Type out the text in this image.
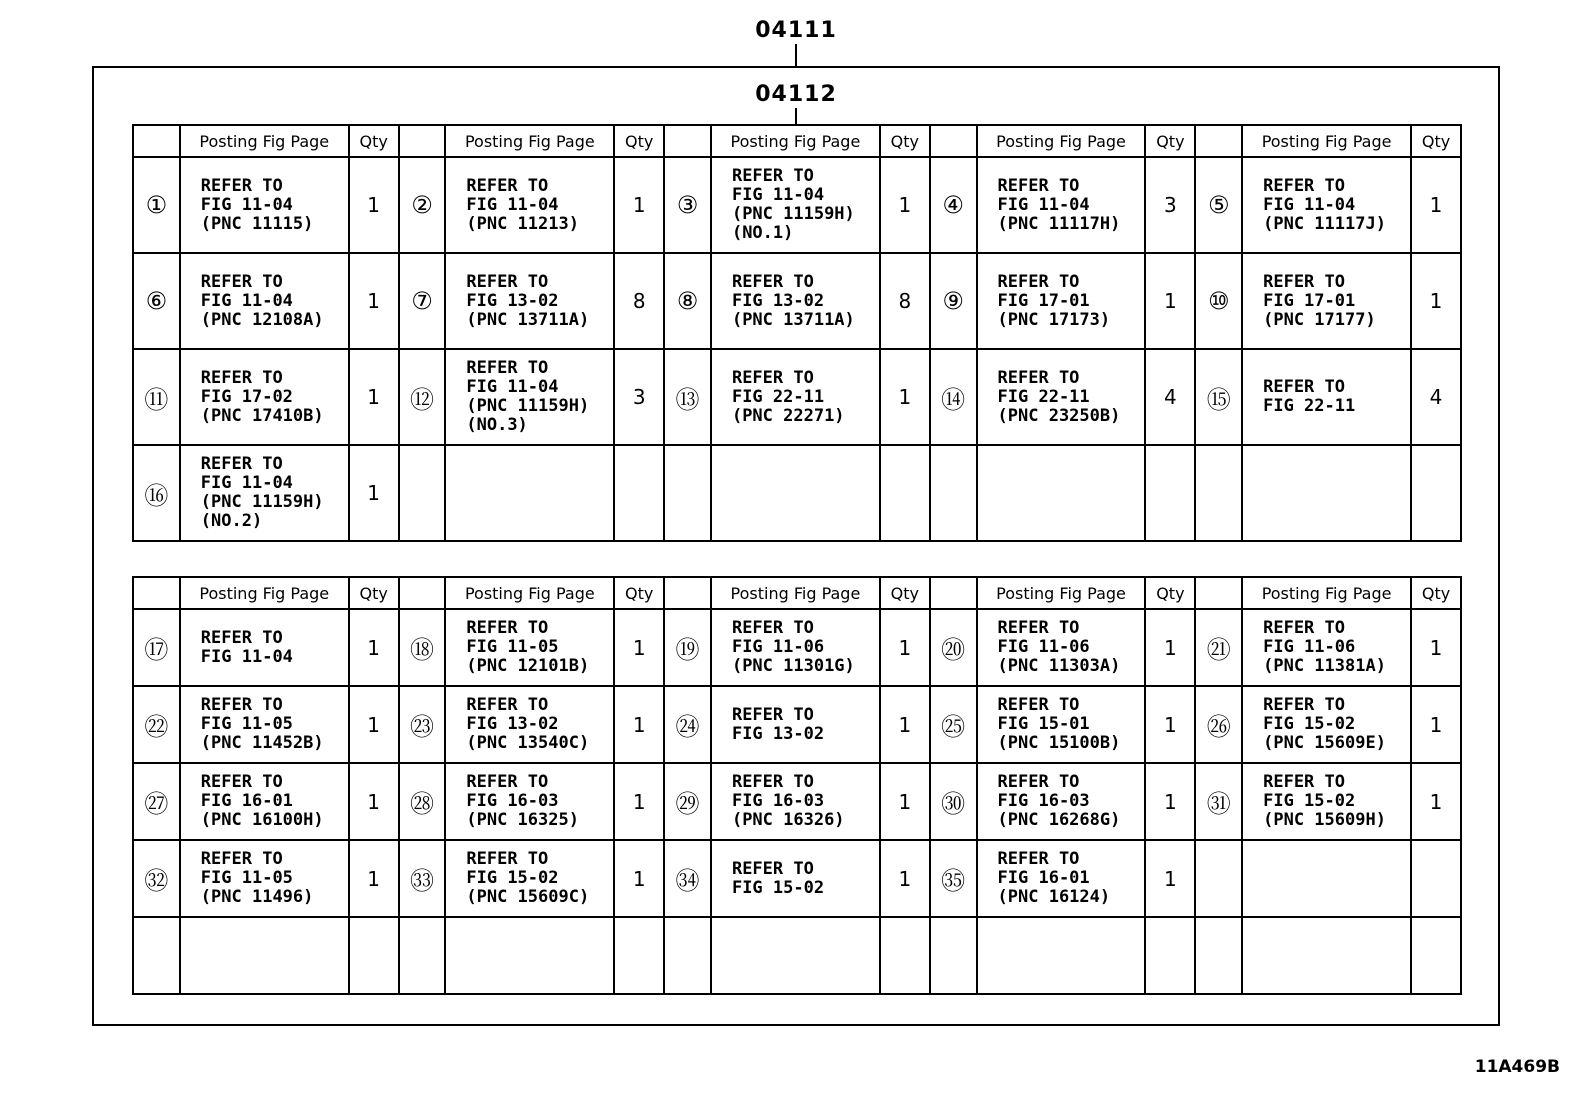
04111
04112
	Posting Fig Page	Qty		Posting Fig Page	Qty		Posting Fig Page	Qty		Posting Fig Page	Qty		Posting Fig Page	Qty
①	REFER TO
FIG 11-04
(PNC 11115)	1	②	REFER TO
FIG 11-04
(PNC 11213)	1	③	REFER TO
FIG 11-04
(PNC 11159H)
(NO.1)	1	④	REFER TO
FIG 11-04
(PNC 11117H)	3	⑤	REFER TO
FIG 11-04
(PNC 11117J)	1
⑥	REFER TO
FIG 11-04
(PNC 12108A)	1	⑦	REFER TO
FIG 13-02
(PNC 13711A)	8	⑧	REFER TO
FIG 13-02
(PNC 13711A)	8	⑨	REFER TO
FIG 17-01
(PNC 17173)	1	⑩	REFER TO
FIG 17-01
(PNC 17177)	1
⑪	REFER TO
FIG 17-02
(PNC 17410B)	1	⑫	REFER TO
FIG 11-04
(PNC 11159H)
(NO.3)	3	⑬	REFER TO
FIG 22-11
(PNC 22271)	1	⑭	REFER TO
FIG 22-11
(PNC 23250B)	4	⑮	REFER TO
FIG 22-11	4
⑯	REFER TO
FIG 11-04
(PNC 11159H)
(NO.2)	1												
	Posting Fig Page	Qty		Posting Fig Page	Qty		Posting Fig Page	Qty		Posting Fig Page	Qty		Posting Fig Page	Qty
⑰	REFER TO
FIG 11-04	1	⑱	REFER TO
FIG 11-05
(PNC 12101B)	1	⑲	REFER TO
FIG 11-06
(PNC 11301G)	1	⑳	REFER TO
FIG 11-06
(PNC 11303A)	1	㉑	REFER TO
FIG 11-06
(PNC 11381A)	1
㉒	REFER TO
FIG 11-05
(PNC 11452B)	1	㉓	REFER TO
FIG 13-02
(PNC 13540C)	1	㉔	REFER TO
FIG 13-02	1	㉕	REFER TO
FIG 15-01
(PNC 15100B)	1	㉖	REFER TO
FIG 15-02
(PNC 15609E)	1
㉗	REFER TO
FIG 16-01
(PNC 16100H)	1	㉘	REFER TO
FIG 16-03
(PNC 16325)	1	㉙	REFER TO
FIG 16-03
(PNC 16326)	1	㉚	REFER TO
FIG 16-03
(PNC 16268G)	1	㉛	REFER TO
FIG 15-02
(PNC 15609H)	1
㉜	REFER TO
FIG 11-05
(PNC 11496)	1	㉝	REFER TO
FIG 15-02
(PNC 15609C)	1	㉞	REFER TO
FIG 15-02	1	㉟	REFER TO
FIG 16-01
(PNC 16124)	1			

11A469B
